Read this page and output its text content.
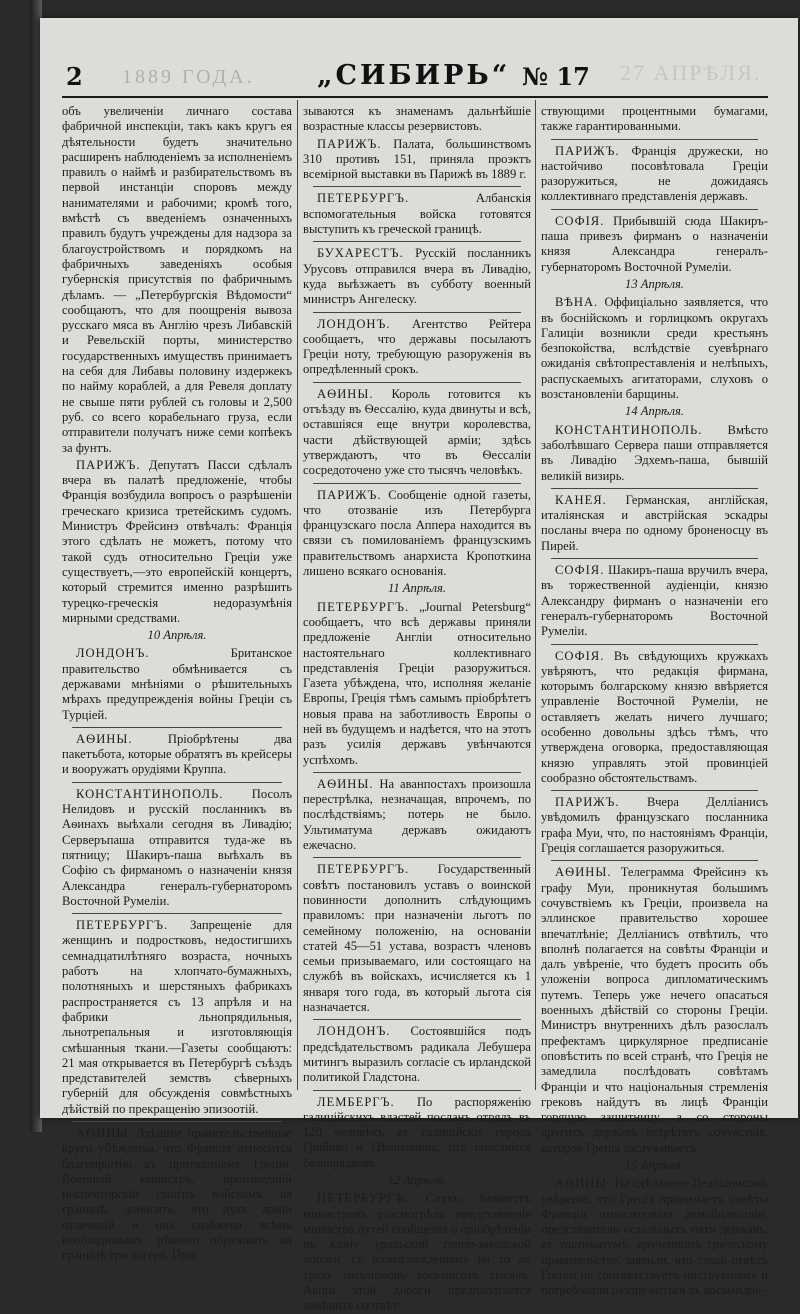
2 1889 ГОДА. „СИБИРЬ“ № 17 27 АПРѢЛЯ.

объ увеличеніи личнаго состава фабричной инспекціи, такъ какъ кругъ ея дѣятельности будетъ значительно расширенъ наблюденіемъ за исполненіемъ правилъ о наймѣ и разбирательствомъ въ первой инстанціи споровъ между нанимателями и рабочими; кромѣ того, вмѣстѣ съ введеніемъ означенныхъ правилъ будутъ учреждены для надзора за благоустройствомъ и порядкомъ на фабричныхъ заведеніяхъ особыя губернскія присутствія по фабричнымъ дѣламъ. — „Петербургскія Вѣдомости“ сообщаютъ, что для поощренія вывоза русскаго мяса въ Англію чрезъ Либавскій и Ревельскій порты, министерство государственныхъ имуществъ принимаетъ на себя для Либавы половину издержекъ по найму кораблей, а для Ревеля доплату не свыше пяти рублей съ головы и 2,500 руб. со всего корабельнаго груза, если отправители получатъ ниже семи копѣекъ за фунтъ.

ПАРИЖЪ. Депутатъ Пасси сдѣлалъ вчера въ палатѣ предложеніе, чтобы Франція возбудила вопросъ о разрѣшеніи греческаго кризиса третейскимъ судомъ. Министръ Фрейсинэ отвѣчалъ: Франція этого сдѣлать не можетъ, потому что такой судъ относительно Греціи уже существуетъ,—это европейскій концертъ, который стремится именно разрѣшить турецко-греческія недоразумѣнія мирными средствами.

10 Апрѣля.

ЛОНДОНЪ. Британское правительство обмѣнивается съ державами мнѣніями о рѣшительныхъ мѣрахъ предупрежденія войны Греціи съ Турціей.

АѲИНЫ. Пріобрѣтены два пакетъбота, которые обратятъ въ крейсеры и вооружатъ орудіями Круппа.

КОНСТАНТИНОПОЛЬ. Посолъ Нелидовъ и русскій посланникъ въ Аѳинахъ выѣхали сегодня въ Ливадію; Серверъпаша отправится туда-же въ пятницу; Шакиръ-паша выѣхалъ въ Софію съ фирманомъ о назначеніи князя Александра генералъ-губернаторомъ Восточной Румеліи.

ПЕТЕРБУРГЪ. Запрещеніе для женщинъ и подростковъ, недостигшихъ семнадцатилѣтняго возраста, ночныхъ работъ на хлопчато-бумажныхъ, полотняныхъ и шерстяныхъ фабрикахъ распространяется съ 13 апрѣля и на фабрики льнопрядильныя, льнотрепальныя и изготовляющія смѣшанныя ткани.—Газеты сообщаютъ: 21 мая открывается въ Петербургѣ съѣздъ представителей земствъ сѣверныхъ губерній для обсужденія совмѣстныхъ дѣйствій по прекращенію эпизоотій.

АѲИНЫ. Здѣшніе правительственные круги убѣждены, что Франція относится благопріятно къ притязаніямъ Греціи. Военный министръ, произведшій инспекторскій смотръ войскамъ на границѣ, доносить, что духъ арміи отличный и она снабжена всѣмъ необходимымъ; рѣшено образовать на границѣ три лагеря. При-

зываются къ знаменамъ дальнѣйшіе возрастные классы резервистовъ.

ПАРИЖЪ. Палата, большинствомъ 310 противъ 151, приняла проэктъ всемірной выставки въ Парижѣ въ 1889 г.

ПЕТЕРБУРГЪ. Албанскія вспомогательныя войска готовятся выступить къ греческой границѣ.

БУХАРЕСТЪ. Русскій посланникъ Урусовъ отправился вчера въ Ливадію, куда выѣзжаетъ въ субботу военный министръ Ангелеску.

ЛОНДОНЪ. Агентство Рейтера сообщаетъ, что державы посылаютъ Греціи ноту, требующую разоруженія въ опредѣленный срокъ.

АѲИНЫ. Король готовится къ отъѣзду въ Ѳессалію, куда двинуты и всѣ, оставшіяся еще внутри королевства, части дѣйствующей арміи; здѣсь утверждаютъ, что въ Ѳессаліи сосредоточено уже сто тысячъ человѣкъ.

ПАРИЖЪ. Сообщеніе одной газеты, что отозваніе изъ Петербурга французскаго посла Аппера находится въ связи съ помилованіемъ французскимъ правительствомъ анархиста Кропоткина лишено всякаго основанія.

11 Апрѣля.

ПЕТЕРБУРГЪ. „Journal Petersburg“ сообщаетъ, что всѣ державы приняли предложеніе Англіи относительно настоятельнаго коллективнаго представленія Греціи разоружиться. Газета убѣждена, что, исполняя желаніе Европы, Греція тѣмъ самымъ пріобрѣтетъ новыя права на заботливость Европы о ней въ будущемъ и надѣется, что на этотъ разъ усилія державъ увѣнчаются успѣхомъ.

АѲИНЫ. На аванпостахъ произошла перестрѣлка, незначащая, впрочемъ, по послѣдствіямъ; потерь не было. Ультиматума державъ ожидаютъ ежечасно.

ПЕТЕРБУРГЪ. Государственный совѣтъ постановилъ уставъ о воинской повинности дополнить слѣдующимъ правиломъ: при назначеніи льготъ по семейному положенію, на основаніи статей 45—51 устава, возрастъ членовъ семьи призываемаго, или состоящаго на службѣ въ войскахъ, исчисляется къ 1 января того года, въ который льгота сія назначается.

ЛОНДОНЪ. Состоявшійся подъ предсѣдательствомъ радикала Лебушера митингъ выразилъ согласіе съ ирландской политикой Гладстона.

ЛЕМБЕРГЪ. По распоряженію галиційскихъ властей посланъ отрядъ въ 120 человѣкъ въ галиційскіе города Грибово и Цѣшковицы, гдѣ опасаются безпорядковъ.

12 Апрѣля.

ПЕТЕРБУРГЪ. Слухъ: Комитетъ министровъ разсмотрѣлъ представленіе министра путей сообщенія о пріобрѣтеніи въ казну уральской горно-заводской дороги, съ вознагражденіемъ на то до трехъ милліоновъ восьмисотъ тысячъ. Акціи этой дороги предполагается замѣнить соотвѣт-

ствующими процентными бумагами, также гарантированными.

ПАРИЖЪ. Франція дружески, но настойчиво посовѣтовала Греціи разоружиться, не дожидаясь коллективнаго представленія державъ.

СОФІЯ. Прибывшій сюда Шакиръ-паша привезъ фирманъ о назначеніи князя Александра генералъ-губернаторомъ Восточной Румеліи.

13 Апрѣля.

ВѢНА. Оффиціально заявляется, что въ боснійскомъ и горлицкомъ округахъ Галиціи возникли среди крестьянъ безпокойства, вслѣдствіе суевѣрнаго ожиданія свѣтопреставленія и нелѣпыхъ, распускаемыхъ агитаторами, слуховъ о возстановленіи барщины.

14 Апрѣля.

КОНСТАНТИНОПОЛЬ. Вмѣсто заболѣвшаго Сервера паши отправляется въ Ливадію Эдхемъ-паша, бывшій великій визирь.

КАНЕЯ. Германская, англійская, италіянская и австрійская эскадры посланы вчера по одному броненосцу въ Пирей.

СОФІЯ. Шакиръ-паша вручилъ вчера, въ торжественной аудіенціи, князю Александру фирманъ о назначеніи его генералъ-губернаторомъ Восточной Румеліи.

СОФІЯ. Въ свѣдующихъ кружкахъ увѣряютъ, что редакція фирмана, которымъ болгарскому князю ввѣряется управленіе Восточной Румеліи, не оставляетъ желать ничего лучшаго; особенно довольны здѣсь тѣмъ, что утверждена оговорка, предоставляющая князю управлять этой провинціей сообразно обстоятельствамъ.

ПАРИЖЪ. Вчера Делліанисъ увѣдомилъ французскаго посланника графа Муи, что, по настояніямъ Франціи, Греція соглашается разоружиться.

АѲИНЫ. Телеграмма Фрейсинэ къ графу Муи, проникнутая большимъ сочувствіемъ къ Греціи, произвела на эллинское правительство хорошее впечатлѣніе; Делліанисъ отвѣтилъ, что вполнѣ полагается на совѣты Франціи и далъ увѣреніе, что будетъ просить объ уложеніи вопроса дипломатическимъ путемъ. Теперь уже нечего опасаться военныхъ дѣйствій со стороны Греціи. Министръ внутреннихъ дѣлъ разослалъ префектамъ циркулярное предписаніе оповѣстить по всей странѣ, что Греція не замедлила послѣдовать совѣтамъ Франціи и что національныя стремленія грековъ найдутъ въ лицѣ Франціи горячую защитницу, а со стороны другихъ державъ встрѣтятъ сочувствіе, которое Греція заслуживаетъ.

15 Апрѣля.

АѲИНЫ. На сдѣланное Делліанисомъ увѣреніе, что Греція принимаетъ совѣты Франціи относительно демобилизаціи, представители остальныхъ пяти державъ, въ ультиматумѣ, врученномъ греческому правительству, заявили, что такой отвѣтъ Греціи не соотвѣтствуетъ инструкціямъ и потребовали разоружиться въ восьмидне-
